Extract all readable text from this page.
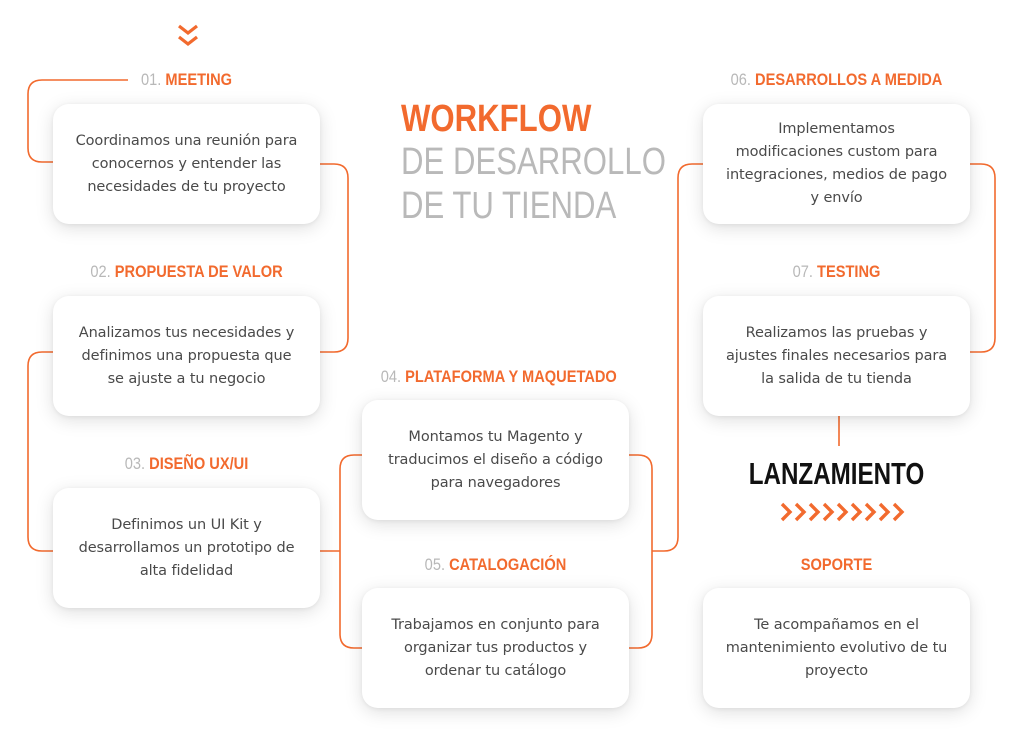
WORKFLOW
DE DESARROLLO
DE TU TIENDA
01. MEETING

Coordinamos una reunión para conocernos y entender las necesidades de tu proyecto

02. PROPUESTA DE VALOR

Analizamos tus necesidades y definimos una propuesta que se ajuste a tu negocio

03. DISEÑO UX/UI

Definimos un UI Kit y desarrollamos un prototipo de alta fidelidad

04. PLATAFORMA Y MAQUETADO

Montamos tu Magento y traducimos el diseño a código para navegadores

05. CATALOGACIÓN

Trabajamos en conjunto para organizar tus productos y ordenar tu catálogo

06. DESARROLLOS A MEDIDA

Implementamos modificaciones custom para integraciones, medios de pago y envío

07. TESTING

Realizamos las pruebas y ajustes finales necesarios para la salida de tu tienda

LANZAMIENTO
SOPORTE

Te acompañamos en el mantenimiento evolutivo de tu proyecto
